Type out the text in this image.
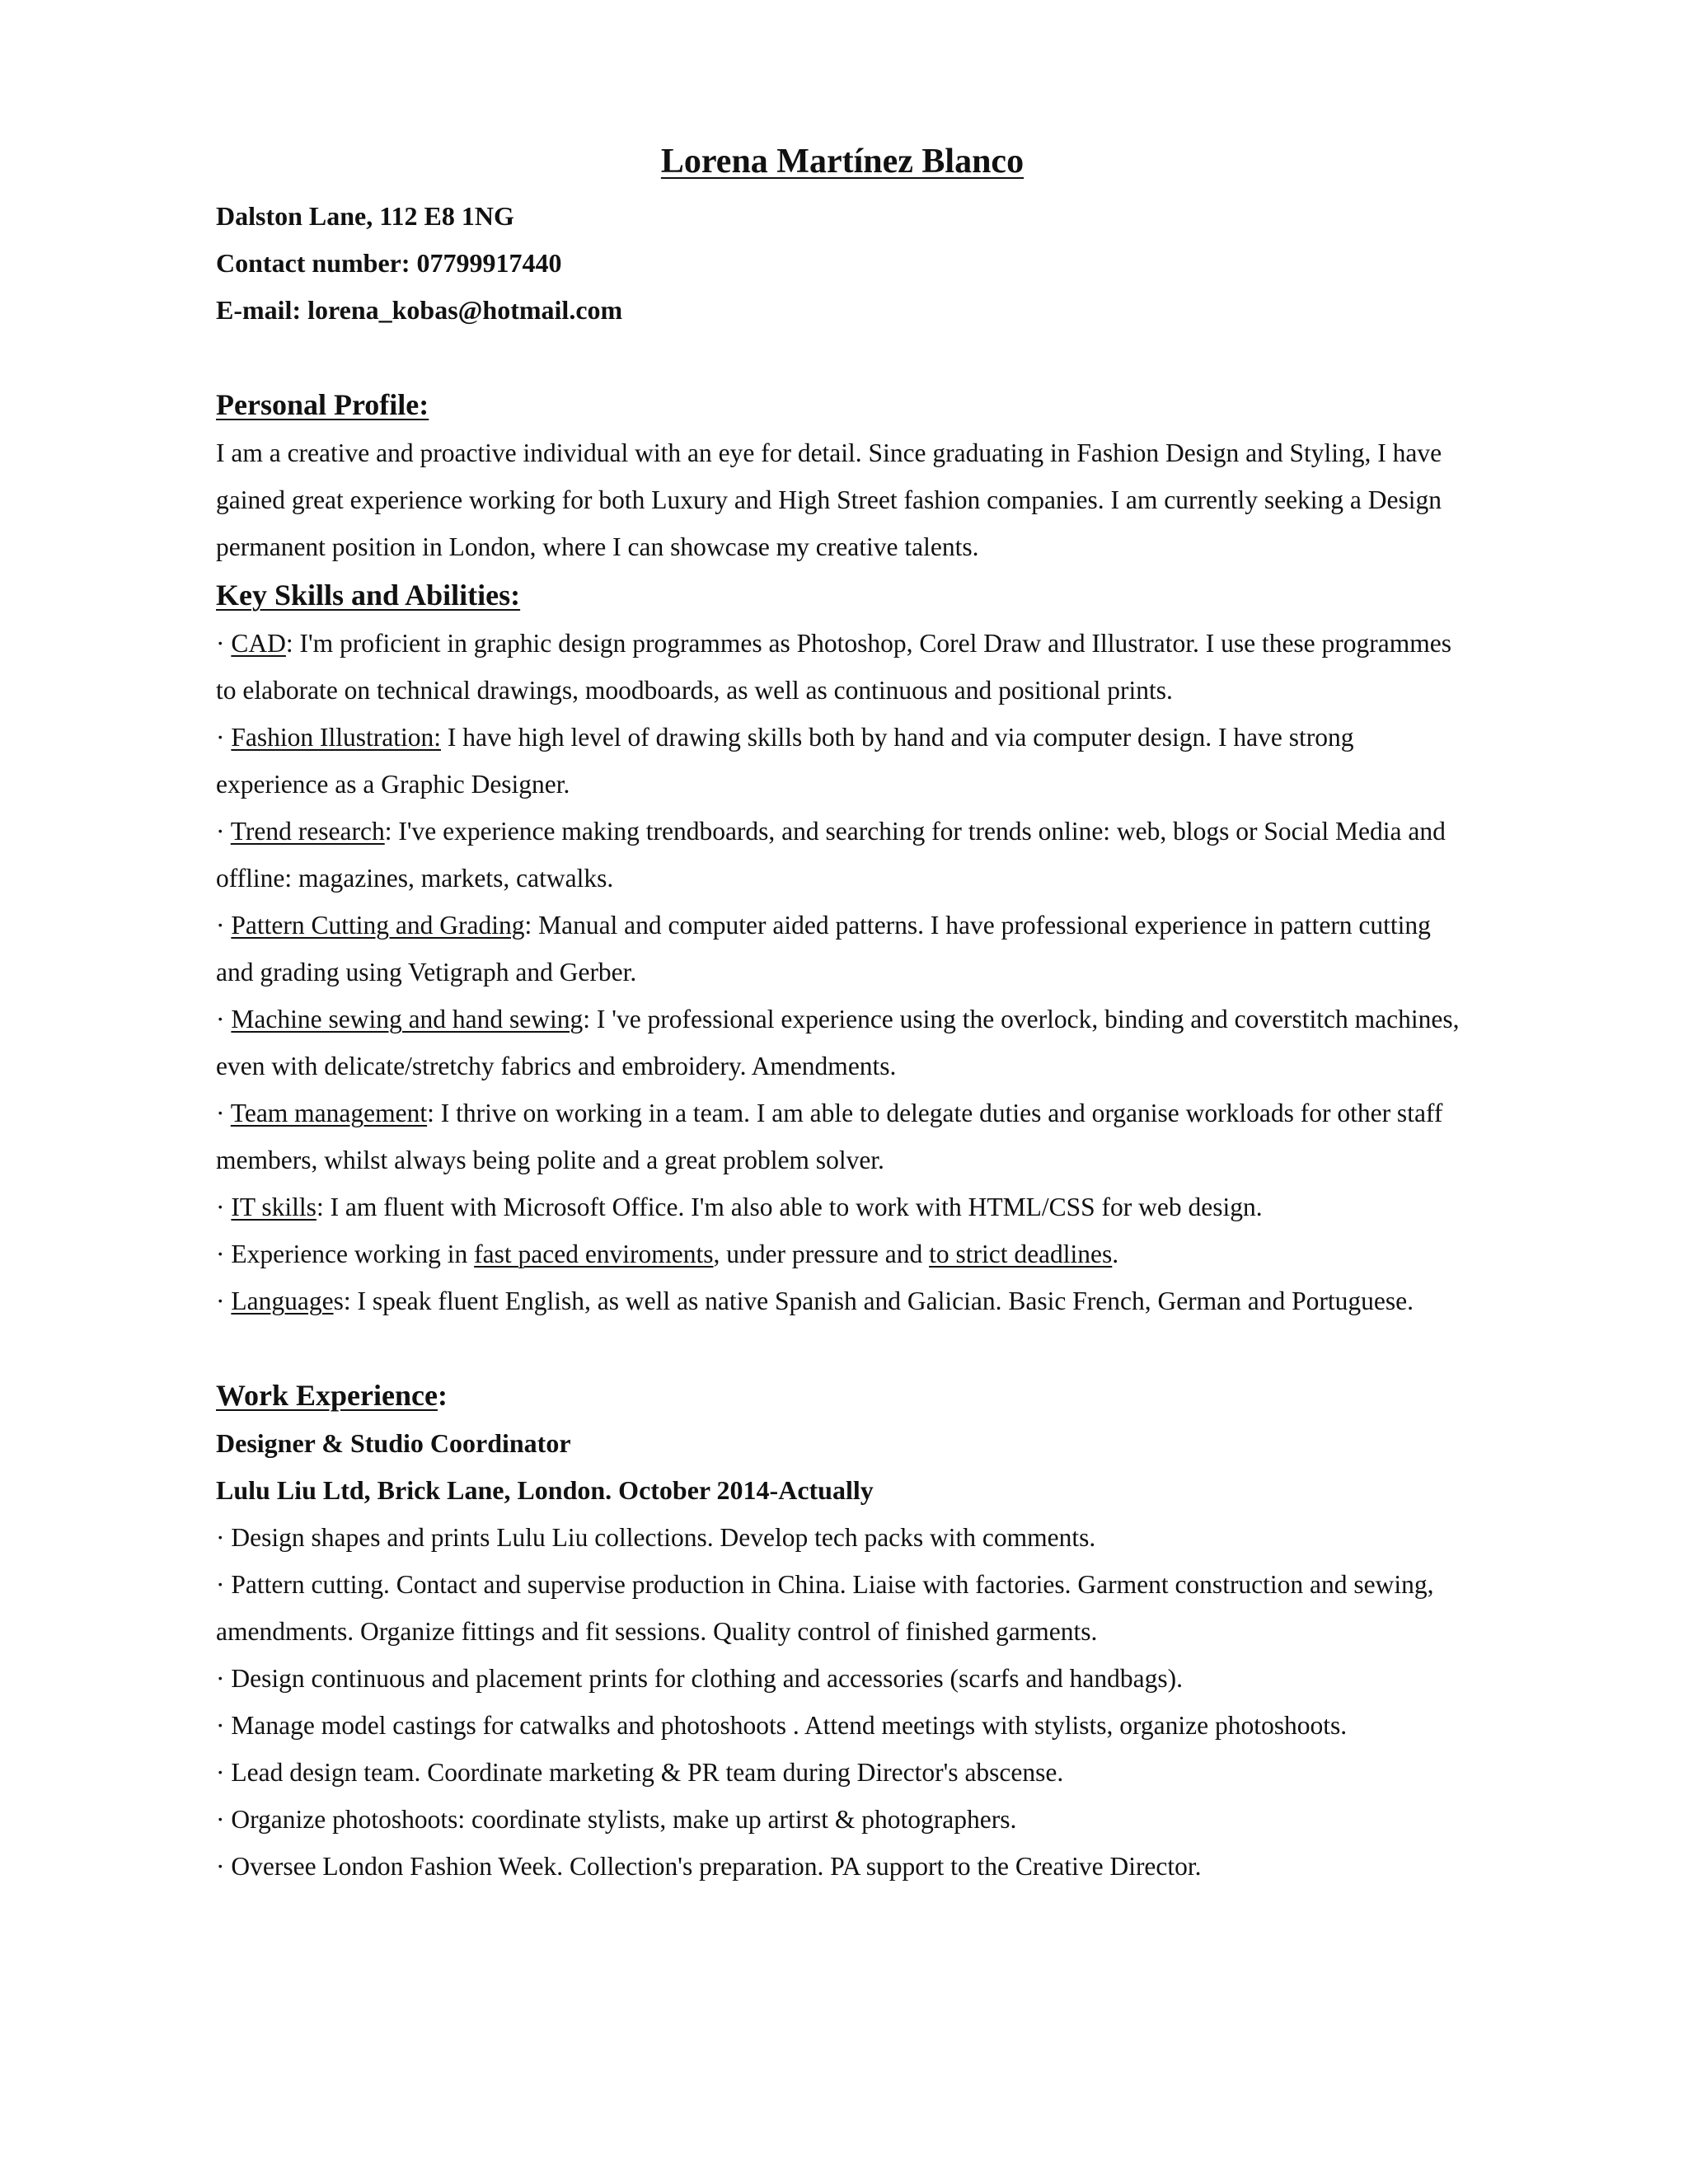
Lorena Martínez Blanco

Dalston Lane, 112 E8 1NG

Contact number: 07799917440

E-mail: lorena_kobas@hotmail.com

Personal Profile:

I am a creative and proactive individual with an eye for detail. Since graduating in Fashion Design and Styling, I have gained great experience working for both Luxury and High Street fashion companies. I am currently seeking a Design permanent position in London, where I can showcase my creative talents.

Key Skills and Abilities:

· CAD: I'm proficient in graphic design programmes as Photoshop, Corel Draw and Illustrator. I use these programmes to elaborate on technical drawings, moodboards, as well as continuous and positional prints.

· Fashion Illustration: I have high level of drawing skills both by hand and via computer design. I have strong experience as a Graphic Designer.

· Trend research: I've experience making trendboards, and searching for trends online: web, blogs or Social Media and offline: magazines, markets, catwalks.

· Pattern Cutting and Grading: Manual and computer aided patterns. I have professional experience in pattern cutting and grading using Vetigraph and Gerber.

· Machine sewing and hand sewing: I 've professional experience using the overlock, binding and coverstitch machines, even with delicate/stretchy fabrics and embroidery. Amendments.

· Team management: I thrive on working in a team. I am able to delegate duties and organise workloads for other staff members, whilst always being polite and a great problem solver.

· IT skills: I am fluent with Microsoft Office. I'm also able to work with HTML/CSS for web design.

· Experience working in fast paced enviroments, under pressure and to strict deadlines.

· Languages: I speak fluent English, as well as native Spanish and Galician. Basic French, German and Portuguese.

Work Experience:

Designer & Studio Coordinator

Lulu Liu Ltd, Brick Lane, London. October 2014-Actually

· Design shapes and prints Lulu Liu collections. Develop tech packs with comments.

· Pattern cutting. Contact and supervise production in China. Liaise with factories. Garment construction and sewing, amendments. Organize fittings and fit sessions. Quality control of finished garments.

· Design continuous and placement prints for clothing and accessories (scarfs and handbags).

· Manage model castings for catwalks and photoshoots . Attend meetings with stylists, organize photoshoots.

· Lead design team. Coordinate marketing & PR team during Director's abscense.

· Organize photoshoots: coordinate stylists, make up artirst & photographers.

· Oversee London Fashion Week. Collection's preparation. PA support to the Creative Director.
